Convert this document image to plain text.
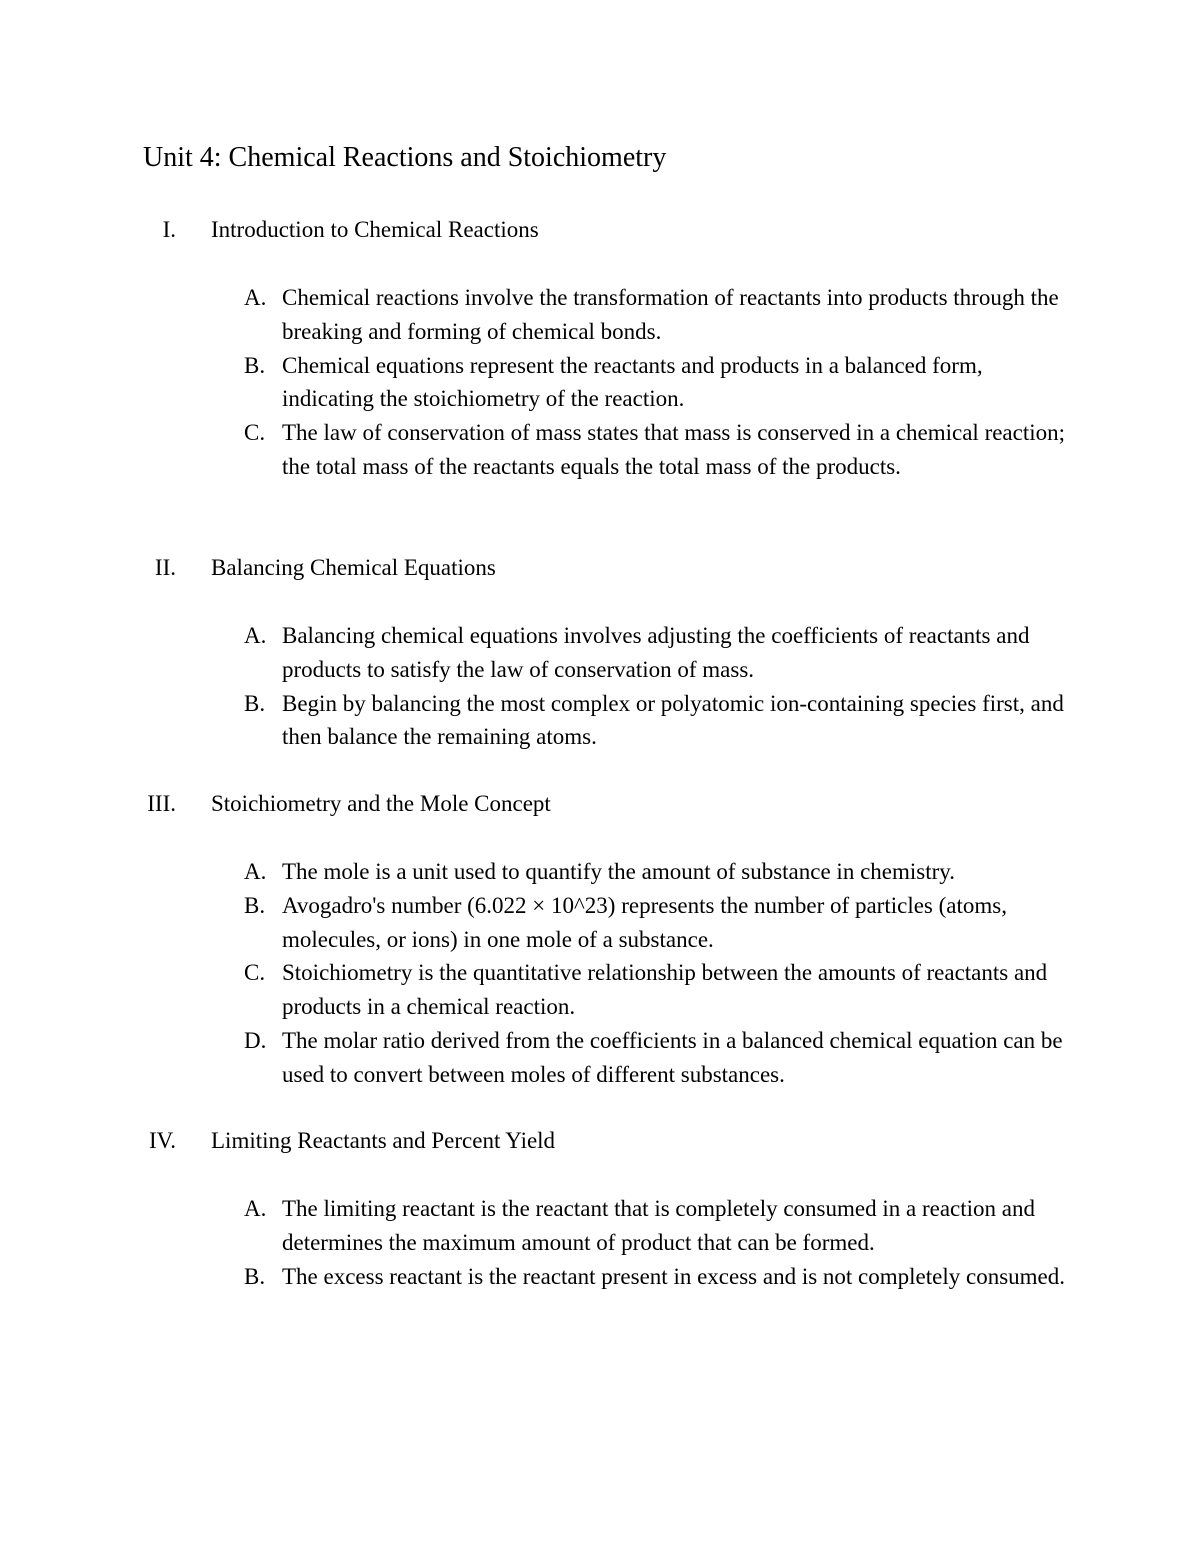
Unit 4: Chemical Reactions and Stoichiometry
I. Introduction to Chemical Reactions
A. Chemical reactions involve the transformation of reactants into products through the breaking and forming of chemical bonds.
B. Chemical equations represent the reactants and products in a balanced form, indicating the stoichiometry of the reaction.
C. The law of conservation of mass states that mass is conserved in a chemical reaction; the total mass of the reactants equals the total mass of the products.
II. Balancing Chemical Equations
A. Balancing chemical equations involves adjusting the coefficients of reactants and products to satisfy the law of conservation of mass.
B. Begin by balancing the most complex or polyatomic ion-containing species first, and then balance the remaining atoms.
III. Stoichiometry and the Mole Concept
A. The mole is a unit used to quantify the amount of substance in chemistry.
B. Avogadro's number (6.022 × 10^23) represents the number of particles (atoms, molecules, or ions) in one mole of a substance.
C. Stoichiometry is the quantitative relationship between the amounts of reactants and products in a chemical reaction.
D. The molar ratio derived from the coefficients in a balanced chemical equation can be used to convert between moles of different substances.
IV. Limiting Reactants and Percent Yield
A. The limiting reactant is the reactant that is completely consumed in a reaction and determines the maximum amount of product that can be formed.
B. The excess reactant is the reactant present in excess and is not completely consumed.
